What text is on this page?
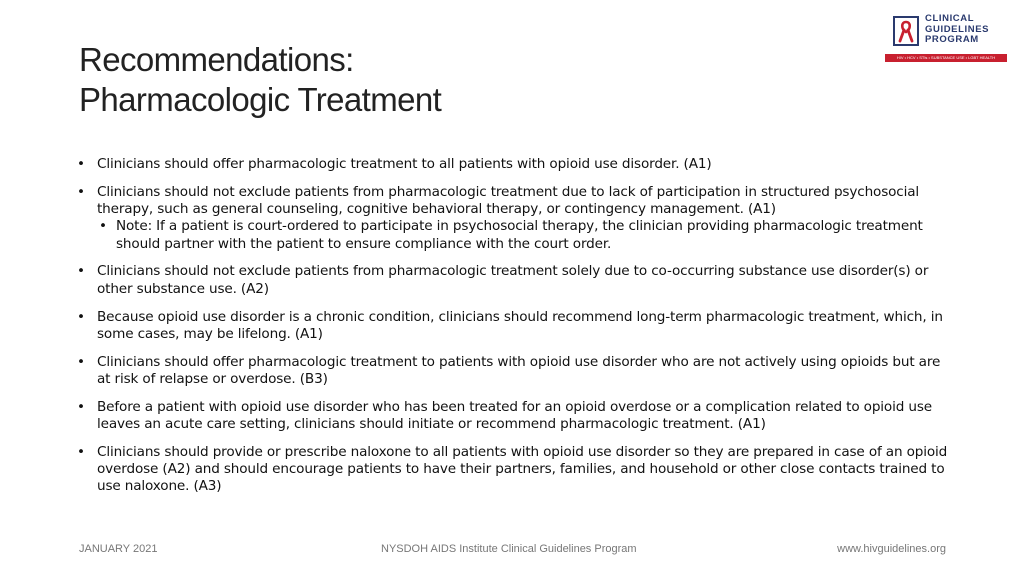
Recommendations:
Pharmacologic Treatment
CLINICAL
GUIDELINES
PROGRAM
HIV • HCV • STIs • SUBSTANCE USE • LGBT HEALTH
• Clinicians should offer pharmacologic treatment to all patients with opioid use disorder. (A1)
• Clinicians should not exclude patients from pharmacologic treatment due to lack of participation in structured psychosocial therapy, such as general counseling, cognitive behavioral therapy, or contingency management. (A1)
• Note: If a patient is court-ordered to participate in psychosocial therapy, the clinician providing pharmacologic treatment should partner with the patient to ensure compliance with the court order.
• Clinicians should not exclude patients from pharmacologic treatment solely due to co-occurring substance use disorder(s) or other substance use. (A2)
• Because opioid use disorder is a chronic condition, clinicians should recommend long-term pharmacologic treatment, which, in some cases, may be lifelong. (A1)
• Clinicians should offer pharmacologic treatment to patients with opioid use disorder who are not actively using opioids but are at risk of relapse or overdose. (B3)
• Before a patient with opioid use disorder who has been treated for an opioid overdose or a complication related to opioid use leaves an acute care setting, clinicians should initiate or recommend pharmacologic treatment. (A1)
• Clinicians should provide or prescribe naloxone to all patients with opioid use disorder so they are prepared in case of an opioid overdose (A2) and should encourage patients to have their partners, families, and household or other close contacts trained to use naloxone. (A3)
JANUARY 2021	NYSDOH AIDS Institute Clinical Guidelines Program	www.hivguidelines.org
